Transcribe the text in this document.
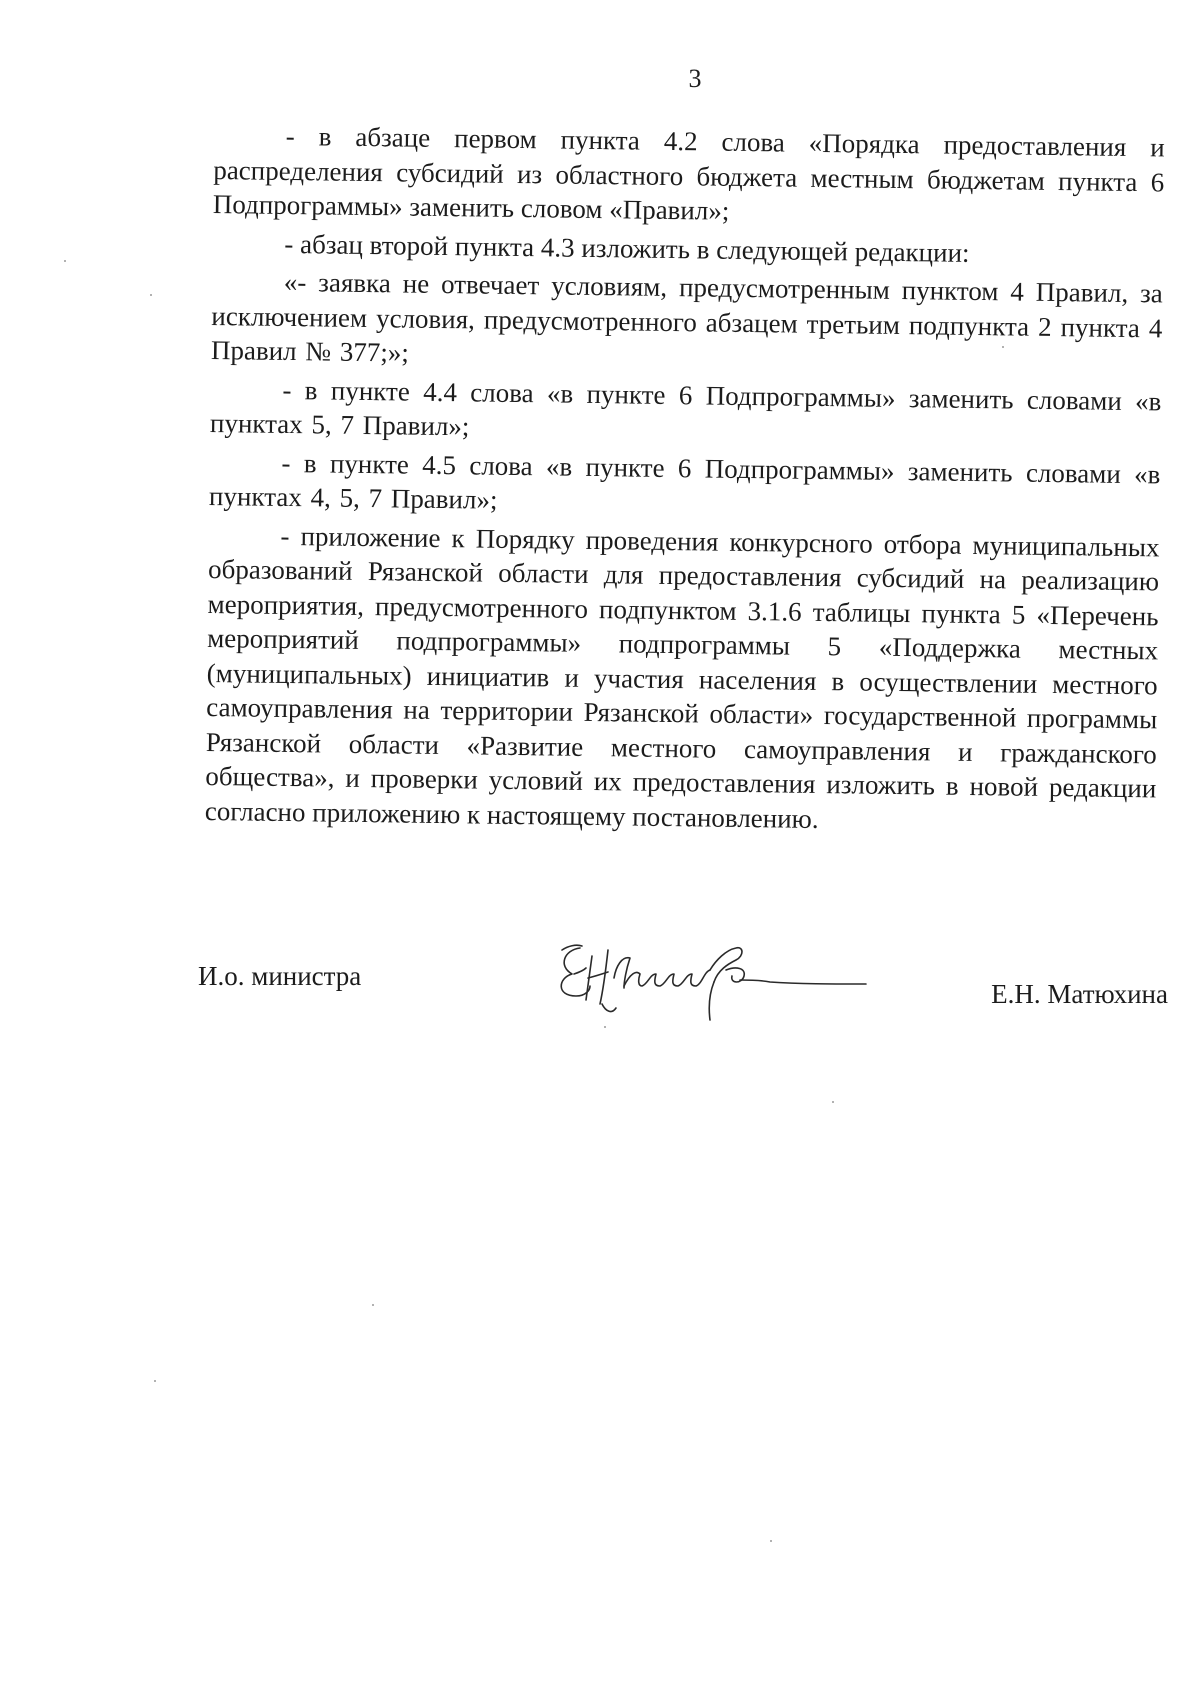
3

- в абзаце первом пункта 4.2 слова «Порядка предоставления и распределения субсидий из областного бюджета местным бюджетам пункта 6 Подпрограммы» заменить словом «Правил»;

- абзац второй пункта 4.3 изложить в следующей редакции:

«- заявка не отвечает условиям, предусмотренным пунктом 4 Правил, за исключением условия, предусмотренного абзацем третьим подпункта 2 пункта 4 Правил № 377;»;

- в пункте 4.4 слова «в пункте 6 Подпрограммы» заменить словами «в пунктах 5, 7 Правил»;

- в пункте 4.5 слова «в пункте 6 Подпрограммы» заменить словами «в пунктах 4, 5, 7 Правил»;

- приложение к Порядку проведения конкурсного отбора муниципальных образований Рязанской области для предоставления субсидий на реализацию мероприятия, предусмотренного подпунктом 3.1.6 таблицы пункта 5 «Перечень мероприятий подпрограммы» подпрограммы 5 «Поддержка местных (муниципальных) инициатив и участия населения в осуществлении местного самоуправления на территории Рязанской области» государственной программы Рязанской области «Развитие местного самоуправления и гражданского общества», и проверки условий их предоставления изложить в новой редакции согласно приложению к настоящему постановлению.

И.о. министра
Е.Н. Матюхина
